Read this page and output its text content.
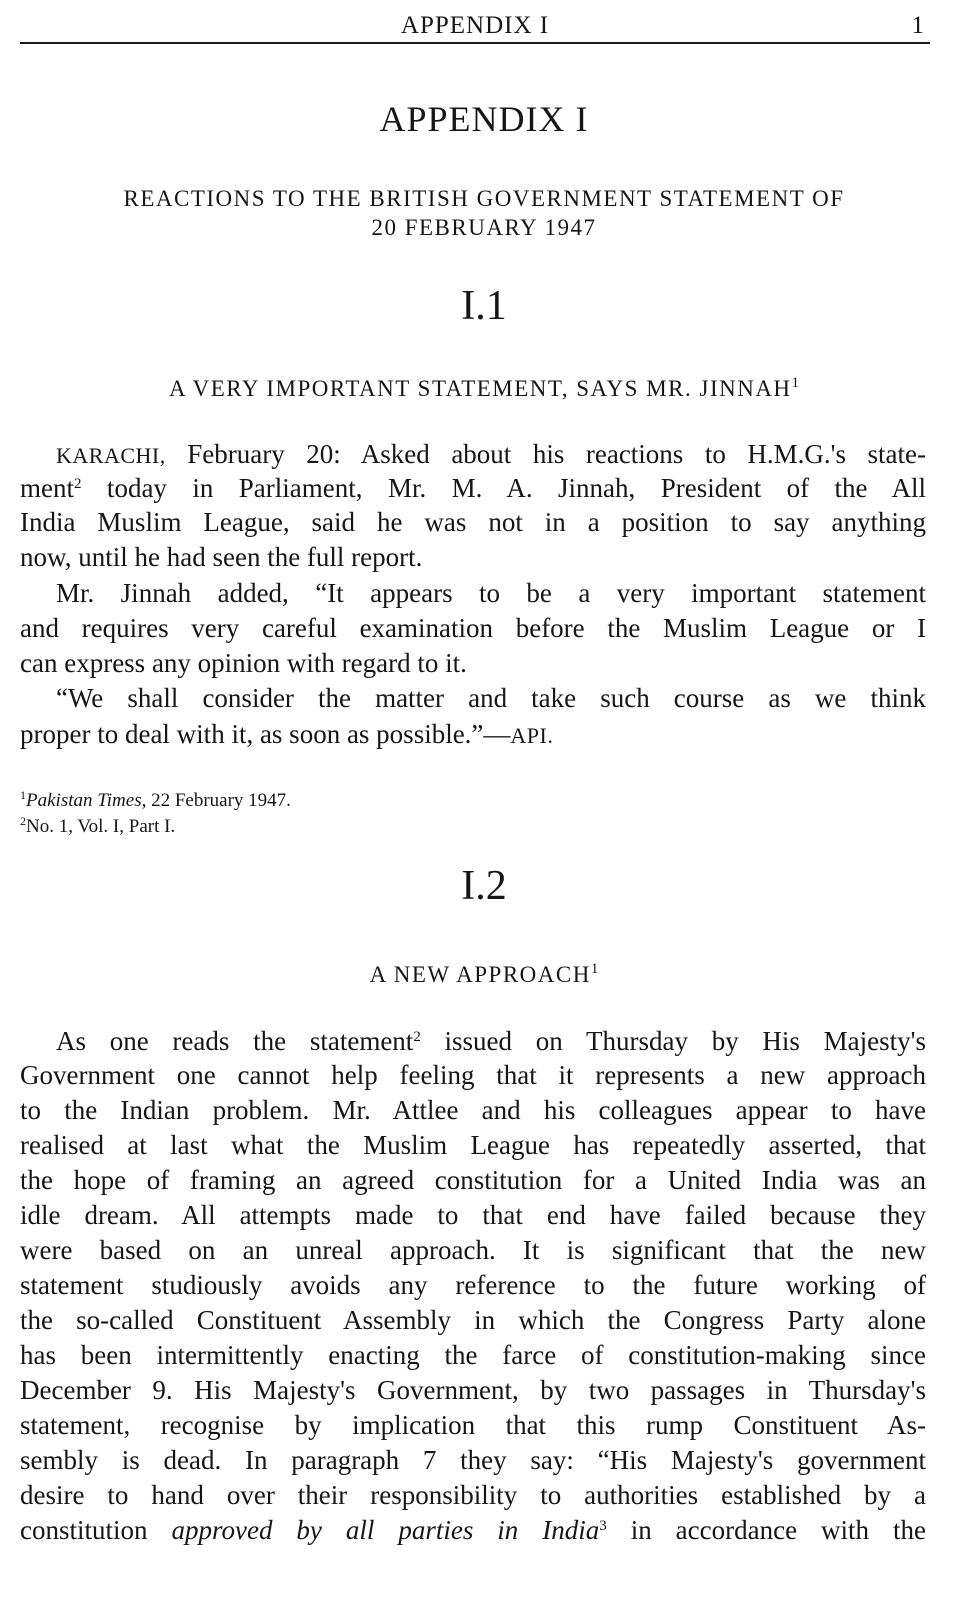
APPENDIX I	1
APPENDIX I
REACTIONS TO THE BRITISH GOVERNMENT STATEMENT OF
20 FEBRUARY 1947
I.1
A VERY IMPORTANT STATEMENT, SAYS MR. JINNAH$^1$
KARACHI, February 20: Asked about his reactions to H.M.G.'s state-
ment$^2$ today in Parliament, Mr. M. A. Jinnah, President of the All
India Muslim League, said he was not in a position to say anything
now, until he had seen the full report.
Mr. Jinnah added, “It appears to be a very important statement
and requires very careful examination before the Muslim League or I
can express any opinion with regard to it.
“We shall consider the matter and take such course as we think
proper to deal with it, as soon as possible.”—API.
$^1$Pakistan Times, 22 February 1947.
$^2$No. 1, Vol. I, Part I.
I.2
A NEW APPROACH$^1$
As one reads the statement$^2$ issued on Thursday by His Majesty's
Government one cannot help feeling that it represents a new approach
to the Indian problem. Mr. Attlee and his colleagues appear to have
realised at last what the Muslim League has repeatedly asserted, that
the hope of framing an agreed constitution for a United India was an
idle dream. All attempts made to that end have failed because they
were based on an unreal approach. It is significant that the new
statement studiously avoids any reference to the future working of
the so-called Constituent Assembly in which the Congress Party alone
has been intermittently enacting the farce of constitution-making since
December 9. His Majesty's Government, by two passages in Thursday's
statement, recognise by implication that this rump Constituent As-
sembly is dead. In paragraph 7 they say: “His Majesty's government
desire to hand over their responsibility to authorities established by a
constitution approved by all parties in India$^3$ in accordance with the
